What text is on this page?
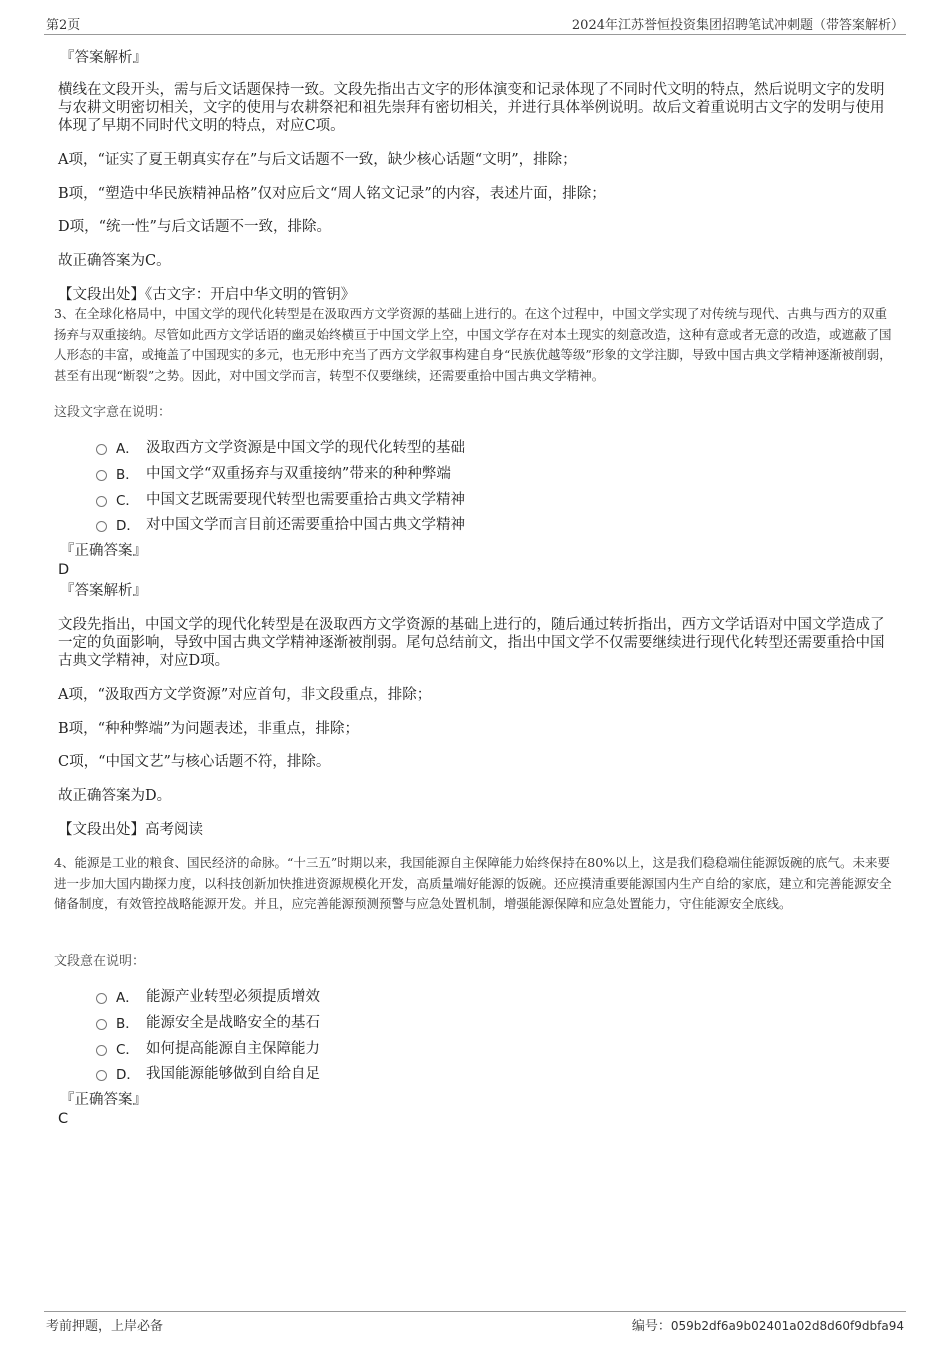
第2页	2024年江苏誉恒投资集团招聘笔试冲刺题（带答案解析）
『答案解析』
横线在文段开头，需与后文话题保持一致。文段先指出古文字的形体演变和记录体现了不同时代文明的特点，然后说明文字的发明与农耕文明密切相关，文字的使用与农耕祭祀和祖先崇拜有密切相关，并进行具体举例说明。故后文着重说明古文字的发明与使用体现了早期不同时代文明的特点，对应C项。
A项，“证实了夏王朝真实存在”与后文话题不一致，缺少核心话题“文明”，排除；
B项，“塑造中华民族精神品格”仅对应后文“周人铭文记录”的内容，表述片面，排除；
D项，“统一性”与后文话题不一致，排除。
故正确答案为C。
【文段出处】《古文字：开启中华文明的管钥》
3、在全球化格局中，中国文学的现代化转型是在汲取西方文学资源的基础上进行的。在这个过程中，中国文学实现了对传统与现代、古典与西方的双重扬弃与双重接纳。尽管如此西方文学话语的幽灵始终横亘于中国文学上空，中国文学存在对本土现实的刻意改造，这种有意或者无意的改造，或遮蔽了国人形态的丰富，或掩盖了中国现实的多元，也无形中充当了西方文学叙事构建自身“民族优越等级”形象的文学注脚，导致中国古典文学精神逐渐被削弱，甚至有出现“断裂”之势。因此，对中国文学而言，转型不仅要继续，还需要重拾中国古典文学精神。
这段文字意在说明：
A． 汲取西方文学资源是中国文学的现代化转型的基础
B． 中国文学“双重扬弃与双重接纳”带来的种种弊端
C． 中国文艺既需要现代转型也需要重拾古典文学精神
D． 对中国文学而言目前还需要重拾中国古典文学精神
『正确答案』
D
『答案解析』
文段先指出，中国文学的现代化转型是在汲取西方文学资源的基础上进行的，随后通过转折指出，西方文学话语对中国文学造成了一定的负面影响，导致中国古典文学精神逐渐被削弱。尾句总结前文，指出中国文学不仅需要继续进行现代化转型还需要重拾中国古典文学精神，对应D项。
A项，“汲取西方文学资源”对应首句，非文段重点，排除；
B项，“种种弊端”为问题表述，非重点，排除；
C项，“中国文艺”与核心话题不符，排除。
故正确答案为D。
【文段出处】高考阅读
4、能源是工业的粮食、国民经济的命脉。“十三五”时期以来，我国能源自主保障能力始终保持在80%以上，这是我们稳稳端住能源饭碗的底气。未来要进一步加大国内勘探力度，以科技创新加快推进资源规模化开发，高质量端好能源的饭碗。还应摸清重要能源国内生产自给的家底，建立和完善能源安全储备制度，有效管控战略能源开发。并且，应完善能源预测预警与应急处置机制，增强能源保障和应急处置能力，守住能源安全底线。
文段意在说明：
A． 能源产业转型必须提质增效
B． 能源安全是战略安全的基石
C． 如何提高能源自主保障能力
D． 我国能源能够做到自给自足
『正确答案』
C
考前押题，上岸必备	编号：059b2df6a9b02401a02d8d60f9dbfa94
